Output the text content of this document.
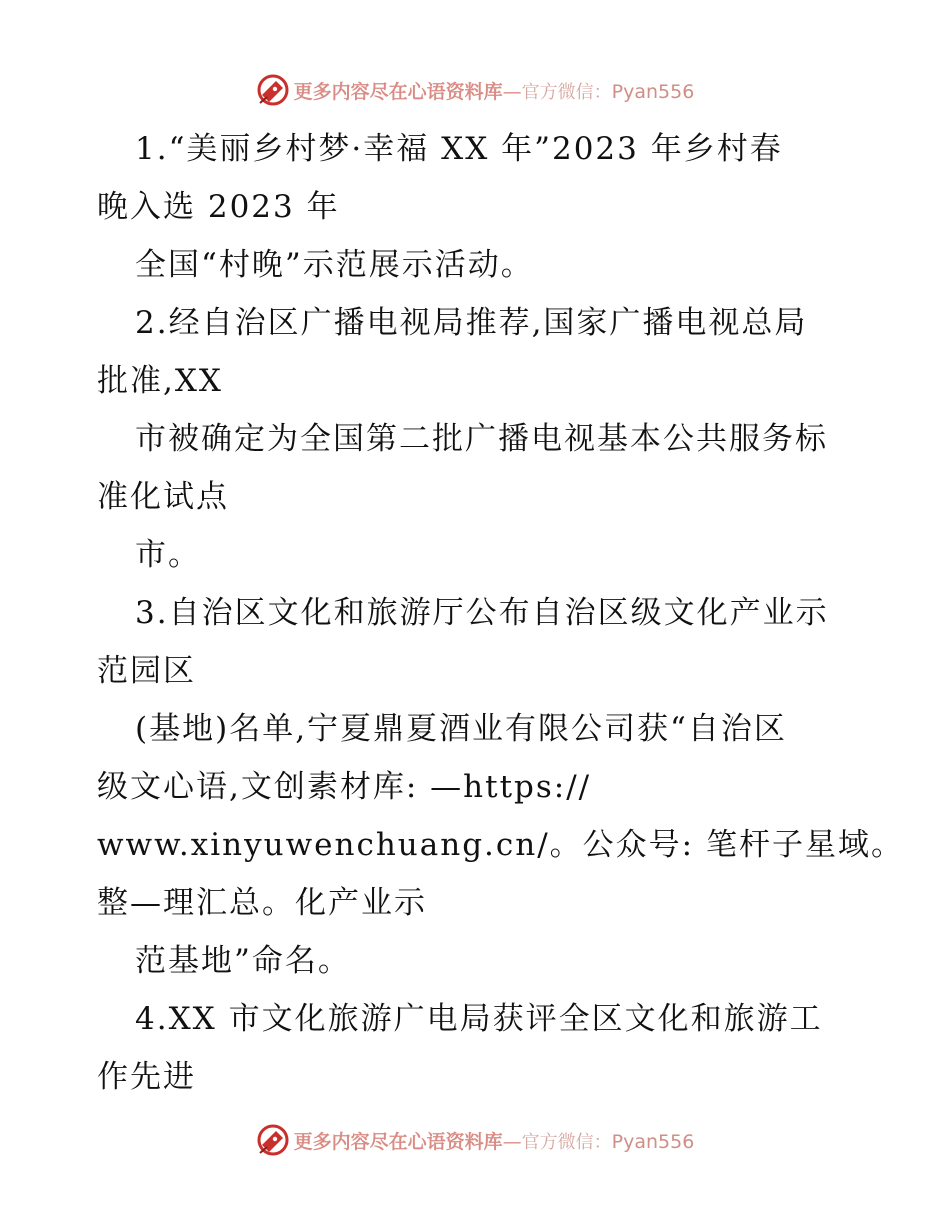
更多内容尽在心语资料库—官方微信：Pyan556
1.“美丽乡村梦·幸福 XX 年”2023 年乡村春
晚入选 2023 年
全国“村晚”示范展示活动。
2.经自治区广播电视局推荐,国家广播电视总局
批准,XX
市被确定为全国第二批广播电视基本公共服务标
准化试点
市。
3.自治区文化和旅游厅公布自治区级文化产业示
范园区
(基地)名单,宁夏鼎夏酒业有限公司获“自治区
级文心语,文创素材库: —https://
www.xinyuwenchuang.cn/。公众号: 笔杆子星域。
整—理汇总。化产业示
范基地”命名。
4.XX 市文化旅游广电局获评全区文化和旅游工
作先进
更多内容尽在心语资料库—官方微信：Pyan556
